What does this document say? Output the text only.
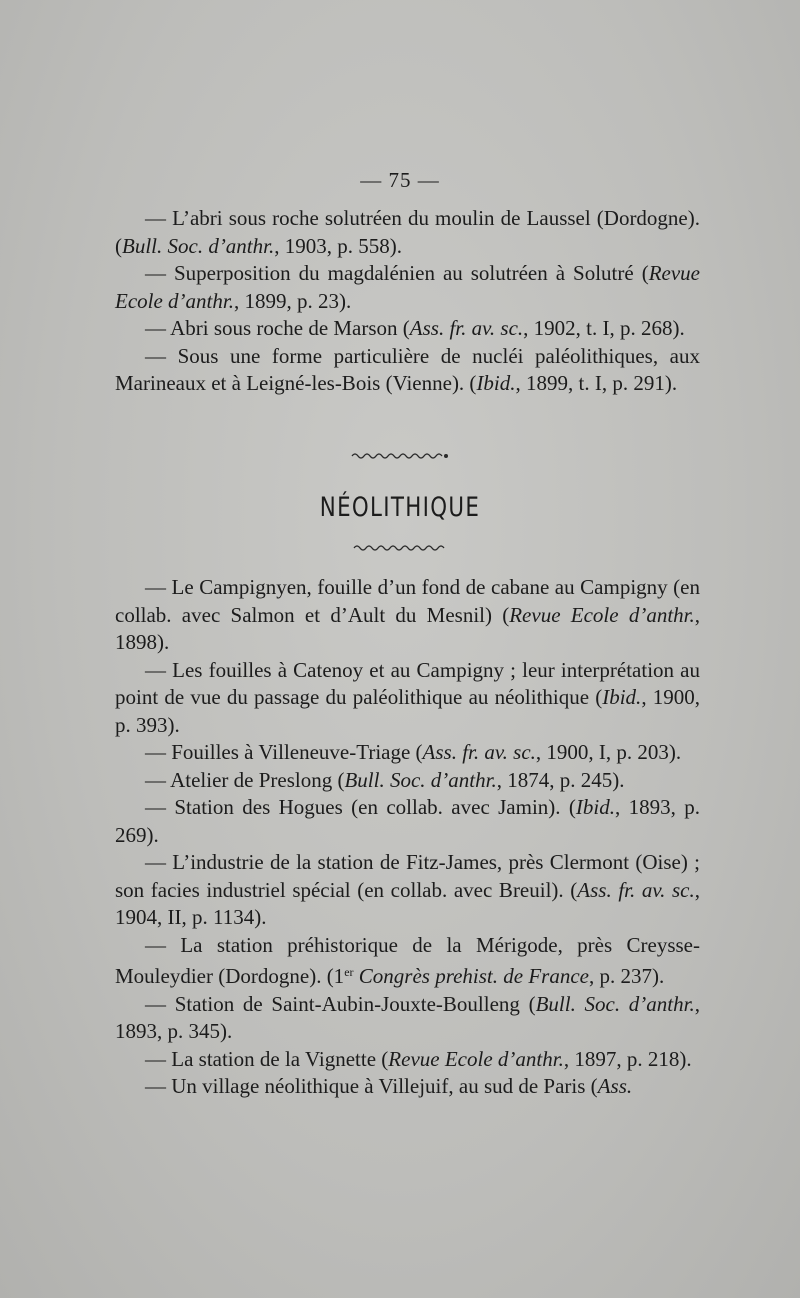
— 75 —

— L’abri sous roche solutréen du moulin de Laussel (Dordogne). (Bull. Soc. d’anthr., 1903, p. 558).

— Superposition du magdalénien au solutréen à Solutré (Revue Ecole d’anthr., 1899, p. 23).

— Abri sous roche de Marson (Ass. fr. av. sc., 1902, t. I, p. 268).

— Sous une forme particulière de nucléi paléolithiques, aux Marineaux et à Leigné-les-Bois (Vienne). (Ibid., 1899, t. I, p. 291).

NÉOLITHIQUE

— Le Campignyen, fouille d’un fond de cabane au Campigny (en collab. avec Salmon et d’Ault du Mesnil) (Revue Ecole d’anthr., 1898).

— Les fouilles à Catenoy et au Campigny ; leur interprétation au point de vue du passage du paléolithique au néolithique (Ibid., 1900, p. 393).

— Fouilles à Villeneuve-Triage (Ass. fr. av. sc., 1900, I, p. 203).

— Atelier de Preslong (Bull. Soc. d’anthr., 1874, p. 245).

— Station des Hogues (en collab. avec Jamin). (Ibid., 1893, p. 269).

— L’industrie de la station de Fitz-James, près Clermont (Oise) ; son facies industriel spécial (en collab. avec Breuil). (Ass. fr. av. sc., 1904, II, p. 1134).

— La station préhistorique de la Mérigode, près Creysse-Mouleydier (Dordogne). (1er Congrès prehist. de France, p. 237).

— Station de Saint-Aubin-Jouxte-Boulleng (Bull. Soc. d’anthr., 1893, p. 345).

— La station de la Vignette (Revue Ecole d’anthr., 1897, p. 218).

— Un village néolithique à Villejuif, au sud de Paris (Ass.
